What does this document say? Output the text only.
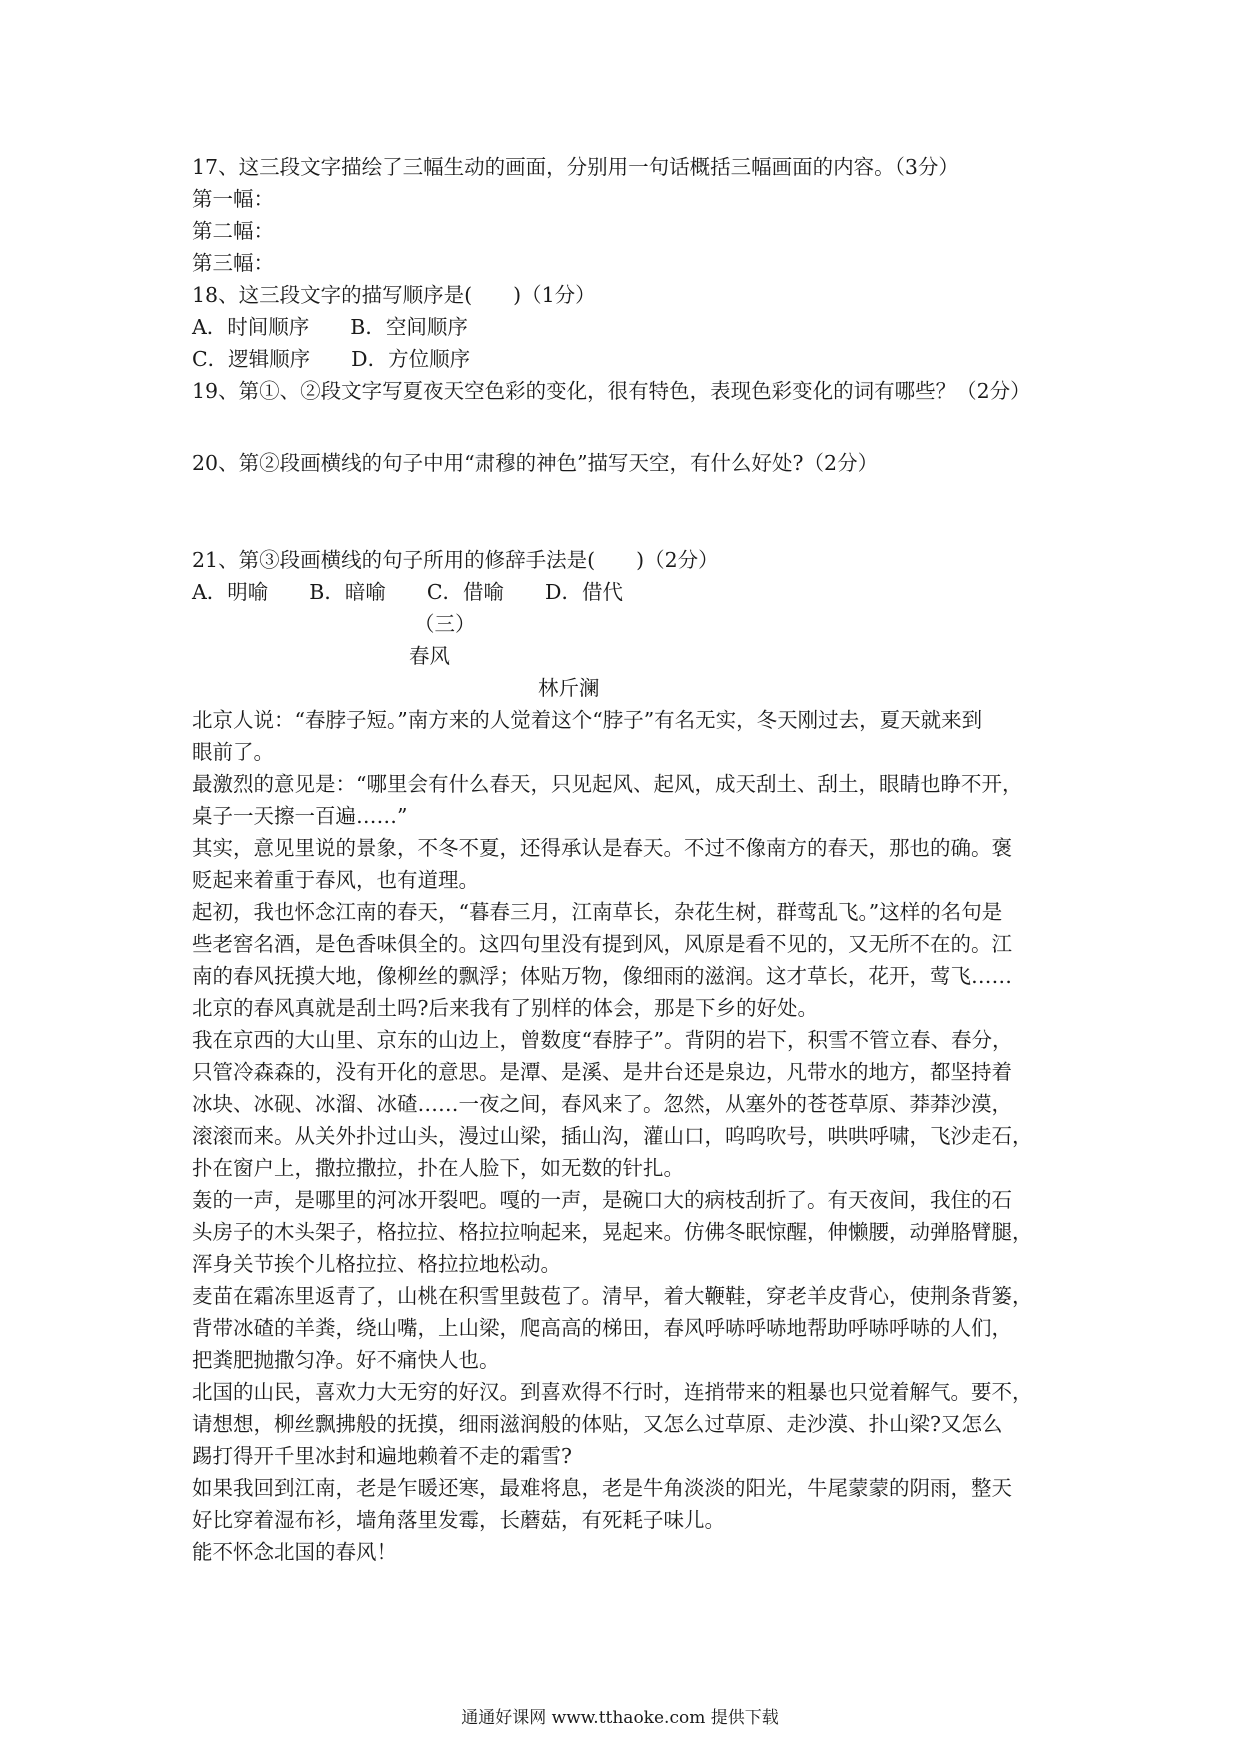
17、这三段文字描绘了三幅生动的画面，分别用一句话概括三幅画面的内容。（3分）
第一幅：
第二幅：
第三幅：
18、这三段文字的描写顺序是(　　)（1分）
A．时间顺序　　B．空间顺序
C．逻辑顺序　　D．方位顺序
19、第①、②段文字写夏夜天空色彩的变化，很有特色，表现色彩变化的词有哪些？（2分）
20、第②段画横线的句子中用“肃穆的神色”描写天空，有什么好处?（2分）
21、第③段画横线的句子所用的修辞手法是(　　)（2分）
A．明喻　　B．暗喻　　C．借喻　　D．借代
（三）
春风
林斤澜
北京人说：“春脖子短。”南方来的人觉着这个“脖子”有名无实，冬天刚过去，夏天就来到
眼前了。
最激烈的意见是：“哪里会有什么春天，只见起风、起风，成天刮土、刮土，眼睛也睁不开，
桌子一天擦一百遍……”
其实，意见里说的景象，不冬不夏，还得承认是春天。不过不像南方的春天，那也的确。褒
贬起来着重于春风，也有道理。
起初，我也怀念江南的春天，“暮春三月，江南草长，杂花生树，群莺乱飞。”这样的名句是
些老窖名酒，是色香味俱全的。这四句里没有提到风，风原是看不见的，又无所不在的。江
南的春风抚摸大地，像柳丝的飘浮；体贴万物，像细雨的滋润。这才草长，花开，莺飞……
北京的春风真就是刮土吗?后来我有了别样的体会，那是下乡的好处。
我在京西的大山里、京东的山边上，曾数度“春脖子”。背阴的岩下，积雪不管立春、春分，
只管冷森森的，没有开化的意思。是潭、是溪、是井台还是泉边，凡带水的地方，都坚持着
冰块、冰砚、冰溜、冰碴……一夜之间，春风来了。忽然，从塞外的苍苍草原、莽莽沙漠，
滚滚而来。从关外扑过山头，漫过山梁，插山沟，灌山口，呜呜吹号，哄哄呼啸，飞沙走石，
扑在窗户上，撒拉撒拉，扑在人脸下，如无数的针扎。
轰的一声，是哪里的河冰开裂吧。嘎的一声，是碗口大的病枝刮折了。有天夜间，我住的石
头房子的木头架子，格拉拉、格拉拉响起来，晃起来。仿佛冬眠惊醒，伸懒腰，动弹胳臂腿，
浑身关节挨个儿格拉拉、格拉拉地松动。
麦苗在霜冻里返青了，山桃在积雪里鼓苞了。清早，着大鞭鞋，穿老羊皮背心，使荆条背篓，
背带冰碴的羊粪，绕山嘴，上山梁，爬高高的梯田，春风呼哧呼哧地帮助呼哧呼哧的人们，
把粪肥抛撒匀净。好不痛快人也。
北国的山民，喜欢力大无穷的好汉。到喜欢得不行时，连捎带来的粗暴也只觉着解气。要不，
请想想，柳丝飘拂般的抚摸，细雨滋润般的体贴，又怎么过草原、走沙漠、扑山梁?又怎么
踢打得开千里冰封和遍地赖着不走的霜雪?
如果我回到江南，老是乍暖还寒，最难将息，老是牛角淡淡的阳光，牛尾蒙蒙的阴雨，整天
好比穿着湿布衫，墙角落里发霉，长蘑菇，有死耗子味儿。
能不怀念北国的春风！
通通好课网 www.tthaoke.com 提供下载
